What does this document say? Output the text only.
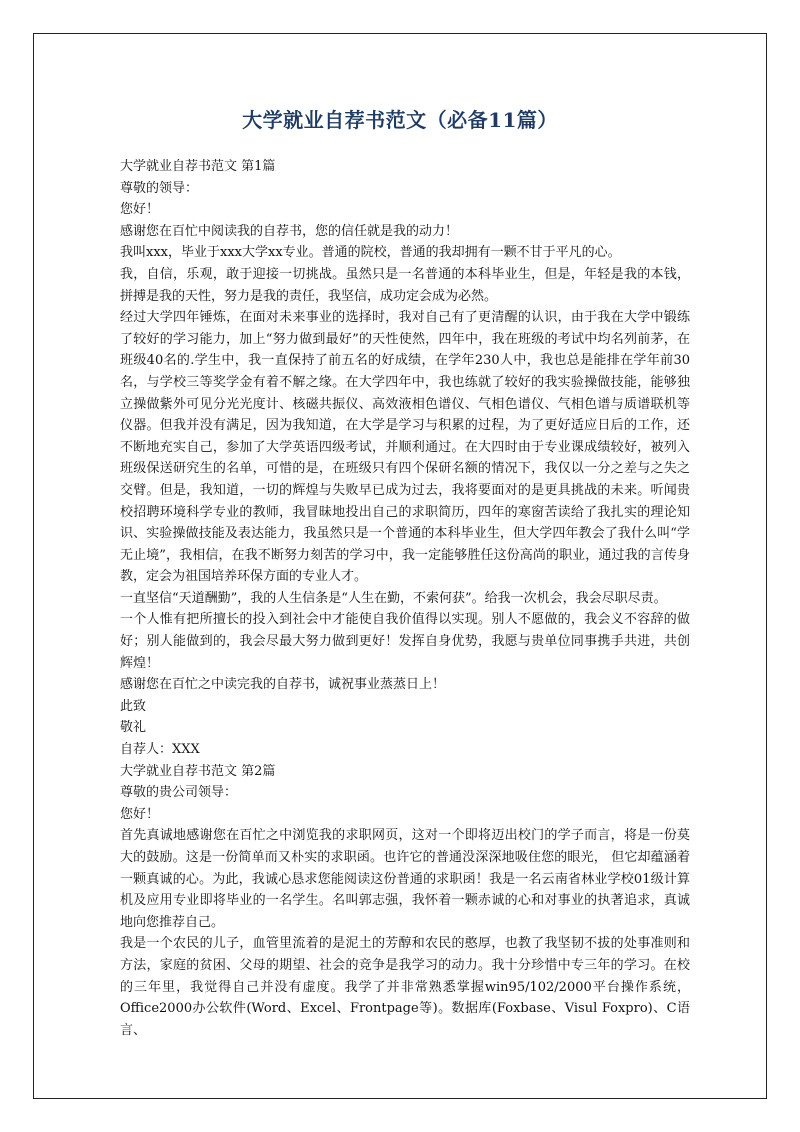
大学就业自荐书范文（必备11篇）

大学就业自荐书范文 第1篇

尊敬的领导：

您好！

感谢您在百忙中阅读我的自荐书，您的信任就是我的动力！

我叫xxx，毕业于xxx大学xx专业。普通的院校，普通的我却拥有一颗不甘于平凡的心。

我，自信，乐观，敢于迎接一切挑战。虽然只是一名普通的本科毕业生，但是，年轻是我的本钱，拼搏是我的天性，努力是我的责任，我坚信，成功定会成为必然。

经过大学四年锤炼，在面对未来事业的选择时，我对自己有了更清醒的认识，由于我在大学中锻练了较好的学习能力，加上“努力做到最好”的天性使然，四年中，我在班级的考试中均名列前茅，在班级40名的.学生中，我一直保持了前五名的好成绩，在学年230人中，我也总是能排在学年前30名，与学校三等奖学金有着不解之缘。在大学四年中，我也练就了较好的我实验操做技能，能够独立操做紫外可见分光光度计、核磁共振仪、高效液相色谱仪、气相色谱仪、气相色谱与质谱联机等仪器。但我并没有满足，因为我知道，在大学是学习与积累的过程，为了更好适应日后的工作，还不断地充实自己，参加了大学英语四级考试，并顺利通过。在大四时由于专业课成绩较好，被列入班级保送研究生的名单，可惜的是，在班级只有四个保研名额的情况下，我仅以一分之差与之失之交臂。但是，我知道，一切的辉煌与失败早已成为过去，我将要面对的是更具挑战的未来。听闻贵校招聘环境科学专业的教师，我冒昧地投出自己的求职简历，四年的寒窗苦读给了我扎实的理论知识、实验操做技能及表达能力，我虽然只是一个普通的本科毕业生，但大学四年教会了我什么叫“学无止境”，我相信，在我不断努力刻苦的学习中，我一定能够胜任这份高尚的职业，通过我的言传身教，定会为祖国培养环保方面的专业人才。

一直坚信“天道酬勤”，我的人生信条是“人生在勤，不索何获”。给我一次机会，我会尽职尽责。

一个人惟有把所擅长的投入到社会中才能使自我价值得以实现。别人不愿做的，我会义不容辞的做好；别人能做到的，我会尽最大努力做到更好！发挥自身优势，我愿与贵单位同事携手共进，共创辉煌！

感谢您在百忙之中读完我的自荐书，诚祝事业蒸蒸日上！

此致

敬礼

自荐人：XXX

大学就业自荐书范文 第2篇

尊敬的贵公司领导：

您好！

首先真诚地感谢您在百忙之中浏览我的求职网页，这对一个即将迈出校门的学子而言，将是一份莫大的鼓励。这是一份简单而又朴实的求职函。也许它的普通没深深地吸住您的眼光， 但它却蕴涵着一颗真诚的心。为此，我诚心恳求您能阅读这份普通的求职函！我是一名云南省林业学校01级计算机及应用专业即将毕业的一名学生。名叫郭志强，我怀着一颗赤诚的心和对事业的执著追求，真诚地向您推荐自己。

我是一个农民的儿子，血管里流着的是泥土的芳醇和农民的憨厚，也教了我坚韧不拔的处事准则和方法，家庭的贫困、父母的期望、社会的竞争是我学习的动力。我十分珍惜中专三年的学习。在校的三年里，我觉得自己并没有虚度。我学了并非常熟悉掌握win95/102/2000平台操作系统，Office2000办公软件(Word、Excel、Frontpage等)。数据库(Foxbase、Visul Foxpro)、C语言、
